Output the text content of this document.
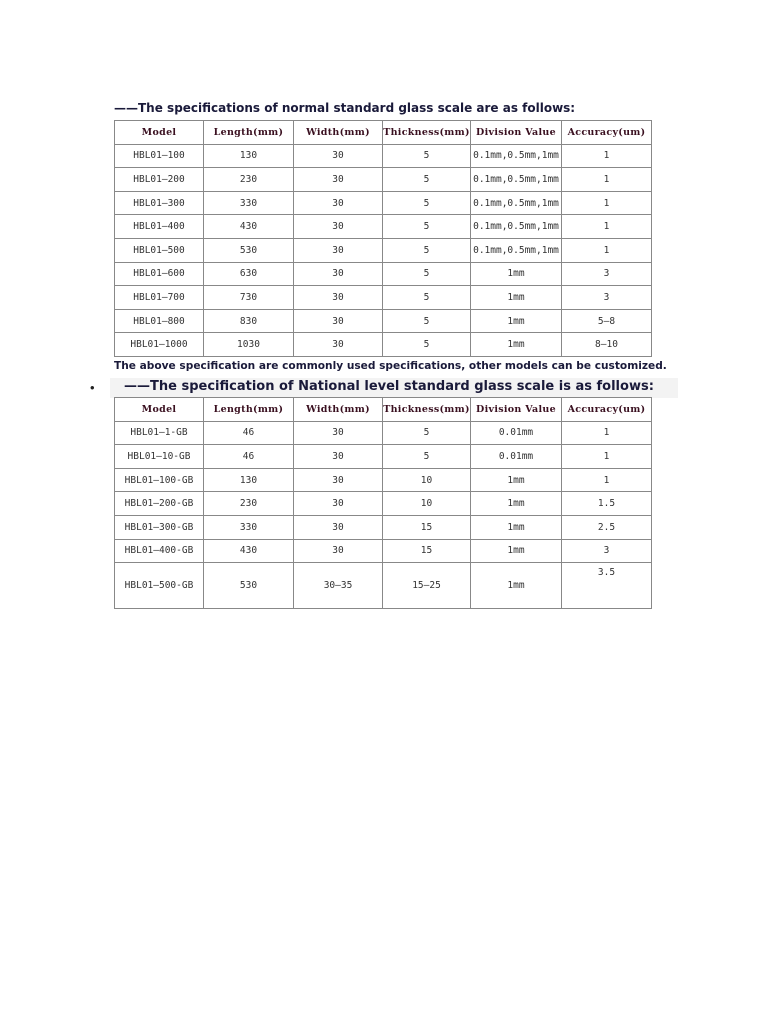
——The specifications of normal standard glass scale are as follows:
Model	Length(mm)	Width(mm)	Thickness(mm)	Division Value	Accuracy(um)
HBL01—100	130	30	5	0.1mm,0.5mm,1mm	1
HBL01—200	230	30	5	0.1mm,0.5mm,1mm	1
HBL01—300	330	30	5	0.1mm,0.5mm,1mm	1
HBL01—400	430	30	5	0.1mm,0.5mm,1mm	1
HBL01—500	530	30	5	0.1mm,0.5mm,1mm	1
HBL01—600	630	30	5	1mm	3
HBL01—700	730	30	5	1mm	3
HBL01—800	830	30	5	1mm	5—8
HBL01—1000	1030	30	5	1mm	8—10
The above specification are commonly used specifications, other models can be customized.
• ——The specification of National level standard glass scale is as follows:
Model	Length(mm)	Width(mm)	Thickness(mm)	Division Value	Accuracy(um)
HBL01—1-GB	46	30	5	0.01mm	1
HBL01—10-GB	46	30	5	0.01mm	1
HBL01—100-GB	130	30	10	1mm	1
HBL01—200-GB	230	30	10	1mm	1.5
HBL01—300-GB	330	30	15	1mm	2.5
HBL01—400-GB	430	30	15	1mm	3
HBL01—500-GB	530	30—35	15—25	1mm	3.5
